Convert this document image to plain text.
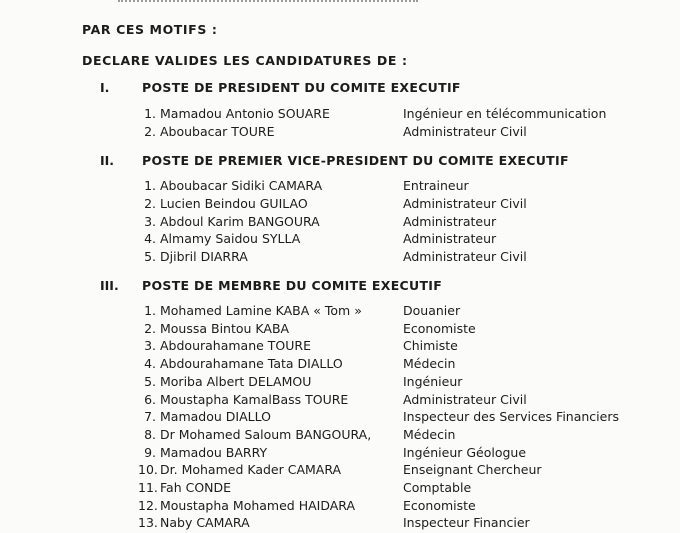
PAR CES MOTIFS :
DECLARE VALIDES LES CANDIDATURES DE :
I.	POSTE DE PRESIDENT DU COMITE EXECUTIF
1. Mamadou Antonio SOUARE	Ingénieur en télécommunication
2. Aboubacar TOURE	Administrateur Civil
II. POSTE DE PREMIER VICE-PRESIDENT DU COMITE EXECUTIF
1. Aboubacar Sidiki CAMARA	Entraineur
2. Lucien Beindou GUILAO	Administrateur Civil
3. Abdoul Karim BANGOURA	Administrateur
4. Almamy Saidou SYLLA	Administrateur
5. Djibril DIARRA	Administrateur Civil
III. POSTE DE MEMBRE DU COMITE EXECUTIF
1. Mohamed Lamine KABA « Tom »	Douanier
2. Moussa Bintou KABA	Economiste
3. Abdourahamane TOURE	Chimiste
4. Abdourahamane Tata DIALLO	Médecin
5. Moriba Albert DELAMOU	Ingénieur
6. Moustapha KamalBass TOURE	Administrateur Civil
7. Mamadou DIALLO	Inspecteur des Services Financiers
8. Dr Mohamed Saloum BANGOURA,	Médecin
9. Mamadou BARRY	Ingénieur Géologue
10. Dr. Mohamed Kader CAMARA	Enseignant Chercheur
11. Fah CONDE	Comptable
12. Moustapha Mohamed HAIDARA	Economiste
13. Naby CAMARA	Inspecteur Financier
